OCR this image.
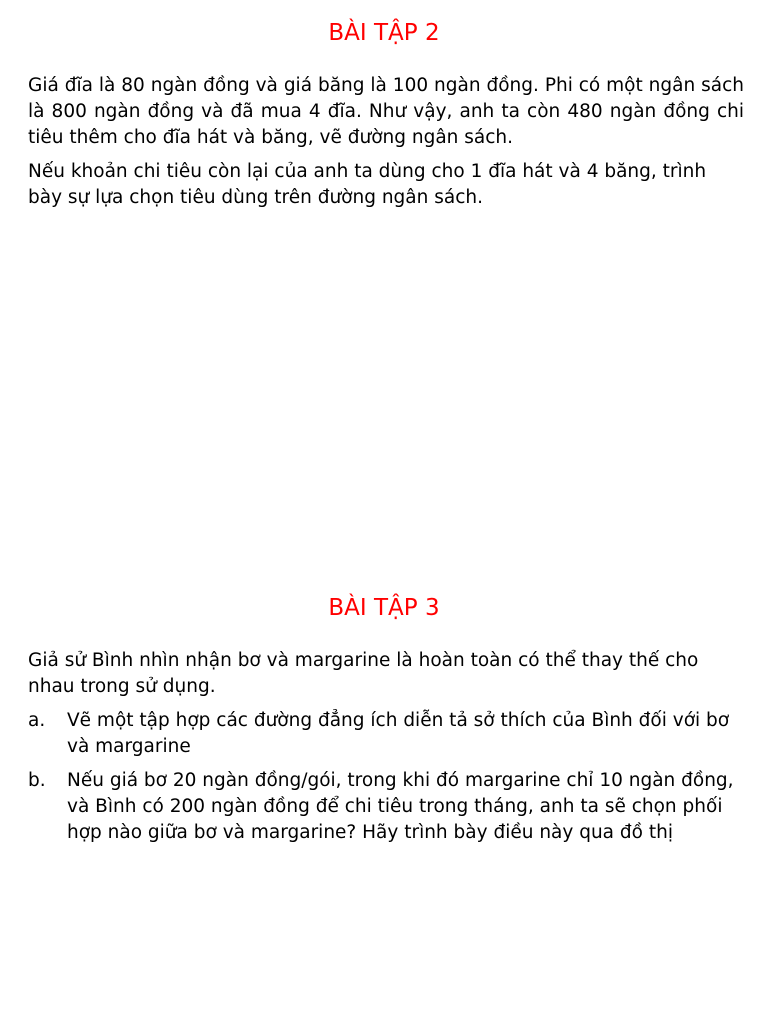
BÀI TẬP 2

Giá đĩa là 80 ngàn đồng và giá băng là 100 ngàn đồng. Phi có một ngân sách là 800 ngàn đồng và đã mua 4 đĩa. Như vậy, anh ta còn 480 ngàn đồng chi tiêu thêm cho đĩa hát và băng, vẽ đường ngân sách.

Nếu khoản chi tiêu còn lại của anh ta dùng cho 1 đĩa hát và 4 băng, trình bày sự lựa chọn tiêu dùng trên đường ngân sách.

BÀI TẬP 3

Giả sử Bình nhìn nhận bơ và margarine là hoàn toàn có thể thay thế cho nhau trong sử dụng.

a. Vẽ một tập hợp các đường đẳng ích diễn tả sở thích của Bình đối với bơ và margarine
b. Nếu giá bơ 20 ngàn đồng/gói, trong khi đó margarine chỉ 10 ngàn đồng, và Bình có 200 ngàn đồng để chi tiêu trong tháng, anh ta sẽ chọn phối hợp nào giữa bơ và margarine? Hãy trình bày điều này qua đồ thị
